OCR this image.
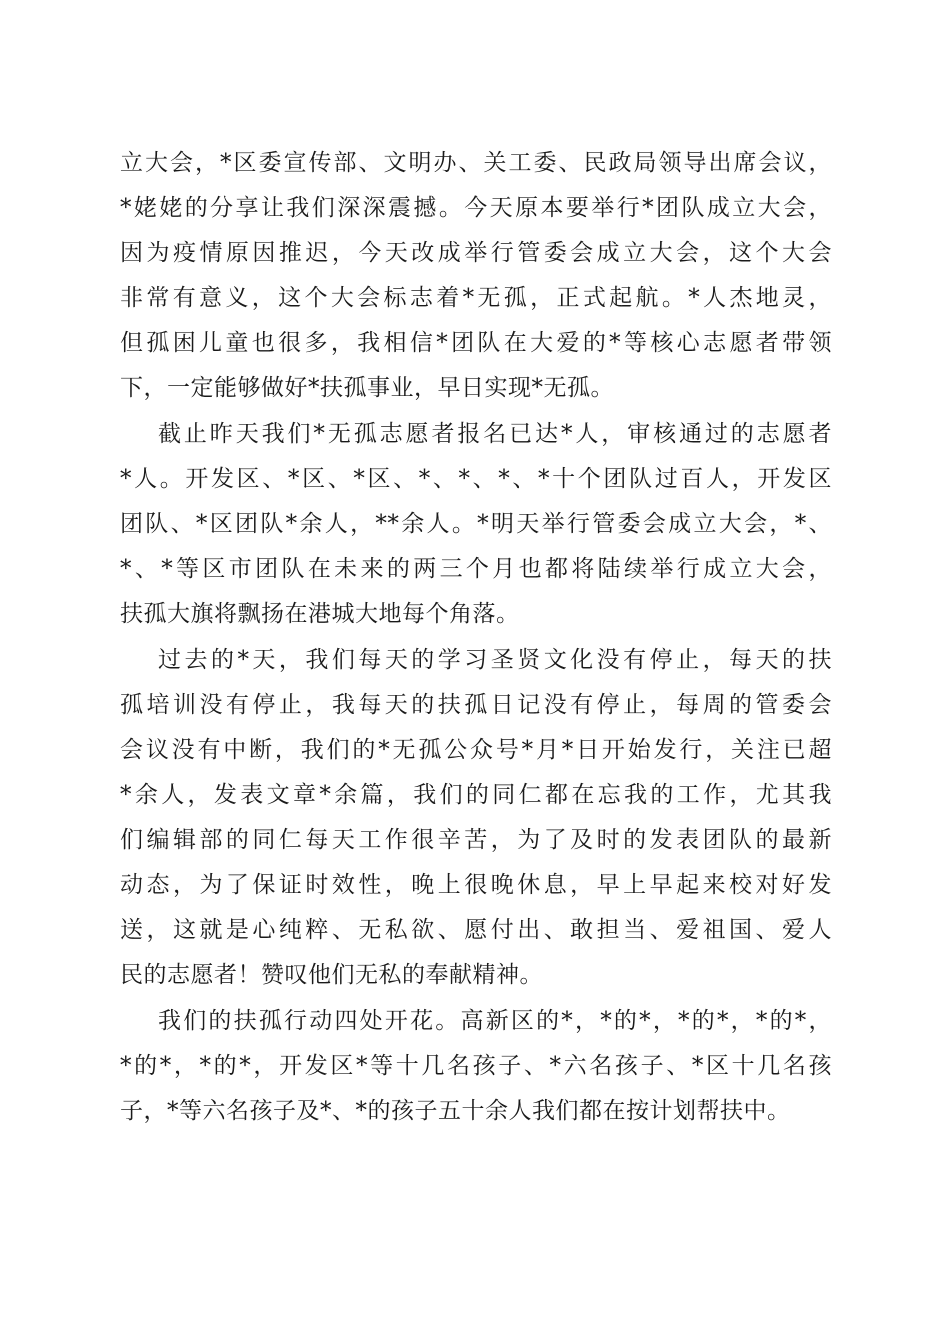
立大会，*区委宣传部、文明办、关工委、民政局领导出席会议，
*姥姥的分享让我们深深震撼。今天原本要举行*团队成立大会，
因为疫情原因推迟，今天改成举行管委会成立大会，这个大会
非常有意义，这个大会标志着*无孤，正式起航。*人杰地灵，
但孤困儿童也很多，我相信*团队在大爱的*等核心志愿者带领
下，一定能够做好*扶孤事业，早日实现*无孤。
截止昨天我们*无孤志愿者报名已达*人，审核通过的志愿者
*人。开发区、*区、*区、*、*、*、*十个团队过百人，开发区
团队、*区团队*余人，**余人。*明天举行管委会成立大会，*、
*、*等区市团队在未来的两三个月也都将陆续举行成立大会，
扶孤大旗将飘扬在港城大地每个角落。
过去的*天，我们每天的学习圣贤文化没有停止，每天的扶
孤培训没有停止，我每天的扶孤日记没有停止，每周的管委会
会议没有中断，我们的*无孤公众号*月*日开始发行，关注已超
*余人，发表文章*余篇，我们的同仁都在忘我的工作，尤其我
们编辑部的同仁每天工作很辛苦，为了及时的发表团队的最新
动态，为了保证时效性，晚上很晚休息，早上早起来校对好发
送，这就是心纯粹、无私欲、愿付出、敢担当、爱祖国、爱人
民的志愿者！赞叹他们无私的奉献精神。
我们的扶孤行动四处开花。高新区的*，*的*，*的*，*的*，
*的*，*的*，开发区*等十几名孩子、*六名孩子、*区十几名孩
子，*等六名孩子及*、*的孩子五十余人我们都在按计划帮扶中。
